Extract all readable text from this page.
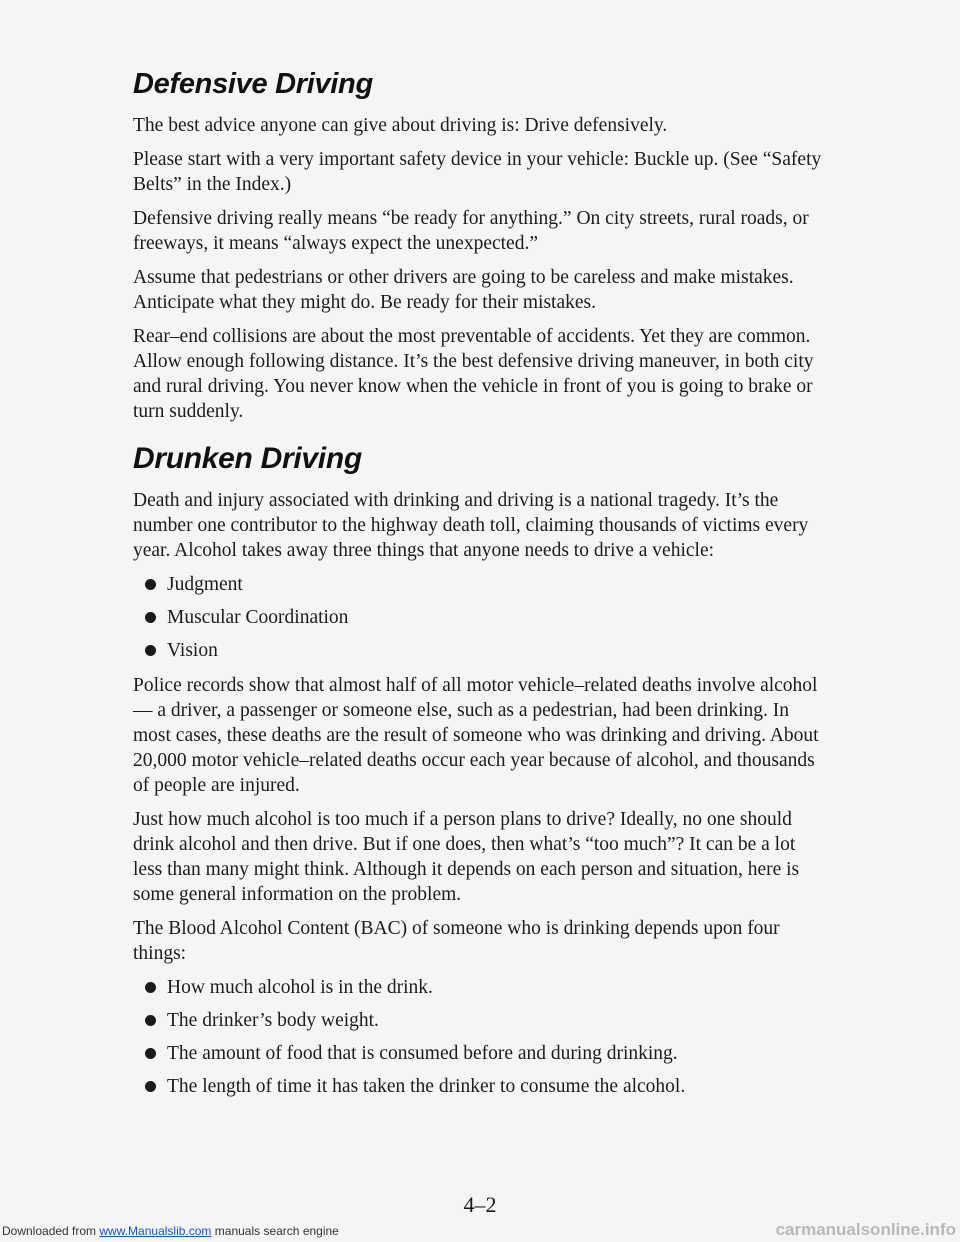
Defensive Driving

The best advice anyone can give about driving is: Drive defensively.

Please start with a very important safety device in your vehicle: Buckle up. (See “Safety Belts” in the Index.)

Defensive driving really means “be ready for anything.” On city streets, rural roads, or freeways, it means “always expect the unexpected.”

Assume that pedestrians or other drivers are going to be careless and make mistakes. Anticipate what they might do. Be ready for their mistakes.

Rear–end collisions are about the most preventable of accidents. Yet they are common. Allow enough following distance. It’s the best defensive driving maneuver, in both city and rural driving. You never know when the vehicle in front of you is going to brake or turn suddenly.

Drunken Driving

Death and injury associated with drinking and driving is a national tragedy. It’s the number one contributor to the highway death toll, claiming thousands of victims every year. Alcohol takes away three things that anyone needs to drive a vehicle:

Judgment
Muscular Coordination
Vision

Police records show that almost half of all motor vehicle–related deaths involve alcohol — a driver, a passenger or someone else, such as a pedestrian, had been drinking. In most cases, these deaths are the result of someone who was drinking and driving. About 20,000 motor vehicle–related deaths occur each year because of alcohol, and thousands of people are injured.

Just how much alcohol is too much if a person plans to drive? Ideally, no one should drink alcohol and then drive. But if one does, then what’s “too much”? It can be a lot less than many might think. Although it depends on each person and situation, here is some general information on the problem.

The Blood Alcohol Content (BAC) of someone who is drinking depends upon four things:

How much alcohol is in the drink.
The drinker’s body weight.
The amount of food that is consumed before and during drinking.
The length of time it has taken the drinker to consume the alcohol.
4–2
Downloaded from www.Manualslib.com manuals search engine	carmanualsonline.info
